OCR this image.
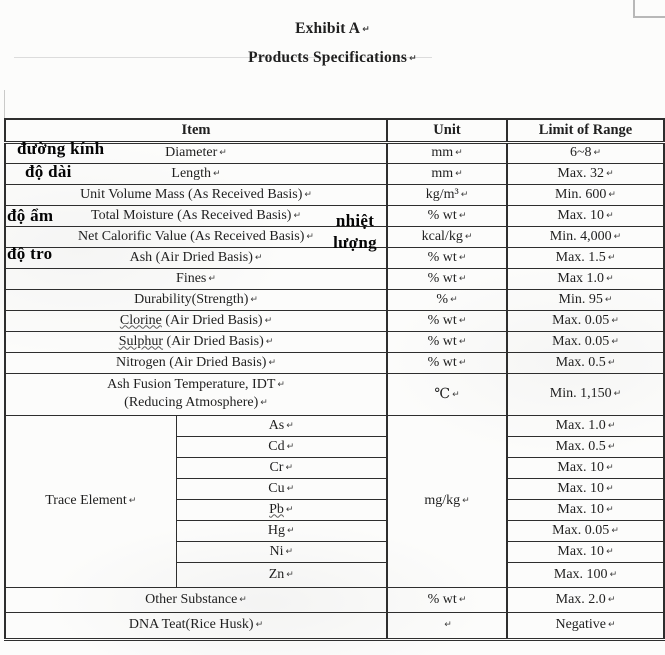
Exhibit A ↵
Products Specifications ↵
Item		Unit	Limit of Range
Diameter ↵		mm ↵	6~8 ↵
Length ↵		mm ↵	Max. 32 ↵
Unit Volume Mass (As Received Basis) ↵		kg/m³ ↵	Min. 600 ↵
Total Moisture (As Received Basis) ↵		% wt ↵	Max. 10 ↵
Net Calorific Value (As Received Basis) ↵		kcal/kg ↵	Min. 4,000 ↵
Ash (Air Dried Basis) ↵		% wt ↵	Max. 1.5 ↵
Fines ↵		% wt ↵	Max 1.0 ↵
Durability(Strength) ↵		% ↵	Min. 95 ↵
Clorine (Air Dried Basis) ↵		% wt ↵	Max. 0.05 ↵
Sulphur (Air Dried Basis) ↵		% wt ↵	Max. 0.05 ↵
Nitrogen (Air Dried Basis) ↵		% wt ↵	Max. 0.5 ↵

Ash Fusion Temperature, IDT ↵
(Reducing Atmosphere) ↵		℃ ↵	Min. 1,150 ↵
Trace Element ↵	As ↵	mg/kg ↵	Max. 1.0 ↵
	Cd ↵		Max. 0.5 ↵
	Cr ↵		Max. 10 ↵
	Cu ↵		Max. 10 ↵
	Pb ↵		Max. 10 ↵
	Hg ↵		Max. 0.05 ↵
	Ni ↵		Max. 10 ↵
	Zn ↵		Max. 100 ↵
Other Substance ↵		% wt ↵	Max. 2.0 ↵
DNA Teat(Rice Husk) ↵		↵	Negative ↵
đường kính
độ dài
độ ẩm	nhiệt
lượng
độ tro
